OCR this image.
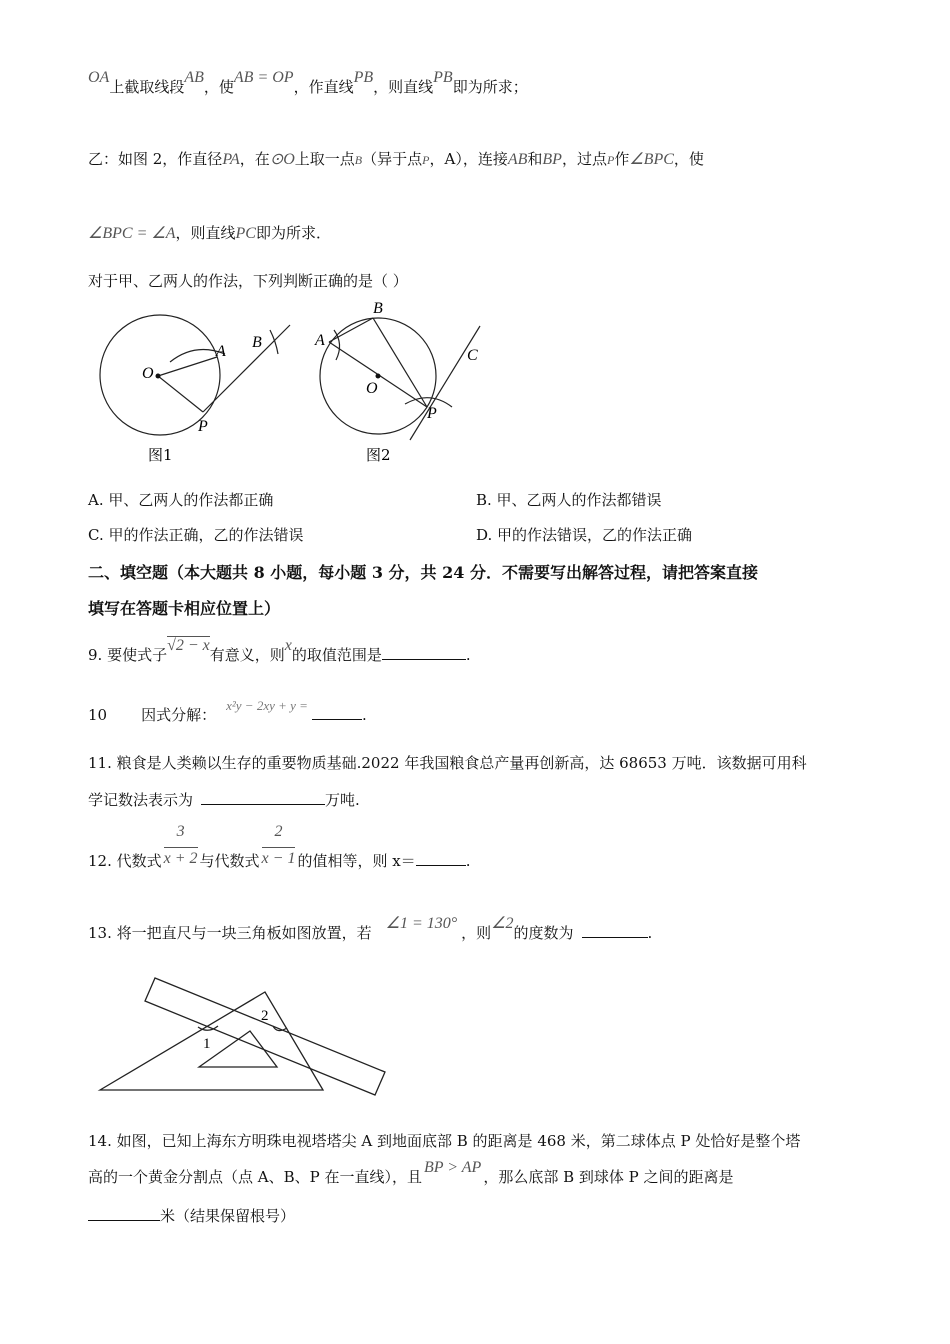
OA上截取线段AB，使AB = OP，作直线PB，则直线PB即为所求；
乙：如图 2，作直径PA，在⊙O上取一点B（异于点P，A），连接AB和BP，过点P作∠BPC，使
∠BPC = ∠A，则直线PC即为所求．
对于甲、乙两人的作法，下列判断正确的是（ ）
O
A
B
P
图1
A
B
C
O
P
图2
A. 甲、乙两人的作法都正确	B. 甲、乙两人的作法都错误
C. 甲的作法正确，乙的作法错误	D. 甲的作法错误，乙的作法正确
二、填空题（本大题共 8 小题，每小题 3 分，共 24 分．不需要写出解答过程，请把答案直接
填写在答题卡相应位置上）
9. 要使式子√2 − x有意义，则x的取值范围是	.
10 因式分解：x²y − 2xy + y =.
11. 粮食是人类赖以生存的重要物质基础.2022 年我国粮食总产量再创新高，达 68653 万吨．该数据可用科
学记数法表示为	万吨.
12. 代数式 $\frac{3}{x + 2}$ 与代数式 $\frac{2}{x - 1}$ 的值相等，则 x＝	.
13. 将一把直尺与一块三角板如图放置，若∠1 = 130°，则∠2的度数为	.
1
2
14. 如图，已知上海东方明珠电视塔塔尖 A 到地面底部 B 的距离是 468 米，第二球体点 P 处恰好是整个塔
高的一个黄金分割点（点 A、B、P 在一直线），且BP > AP，那么底部 B 到球体 P 之间的距离是
米（结果保留根号）
